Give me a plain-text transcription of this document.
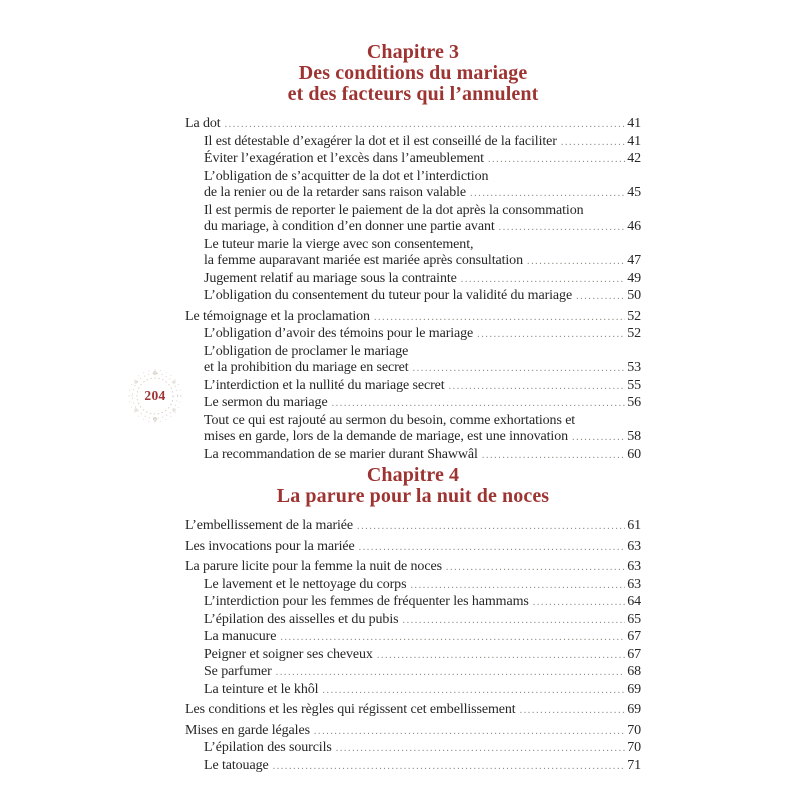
204
Chapitre 3
Des conditions du mariage
et des facteurs qui l’annulent
La dot .....	41
Il est détestable d’exagérer la dot et il est conseillé de la faciliter .....	41
Éviter l’exagération et l’excès dans l’ameublement .....	42
L’obligation de s’acquitter de la dot et l’interdiction
de la renier ou de la retarder sans raison valable .....	45
Il est permis de reporter le paiement de la dot après la consommation
du mariage, à condition d’en donner une partie avant .....	46
Le tuteur marie la vierge avec son consentement,
la femme auparavant mariée est mariée après consultation .....	47
Jugement relatif au mariage sous la contrainte .....	49
L’obligation du consentement du tuteur pour la validité du mariage .....	50
Le témoignage et la proclamation .....	52
L’obligation d’avoir des témoins pour le mariage .....	52
L’obligation de proclamer le mariage
et la prohibition du mariage en secret .....	53
L’interdiction et la nullité du mariage secret .....	55
Le sermon du mariage .....	56
Tout ce qui est rajouté au sermon du besoin, comme exhortations et
mises en garde, lors de la demande de mariage, est une innovation .....	58
La recommandation de se marier durant Shawwâl .....	60
Chapitre 4
La parure pour la nuit de noces
L’embellissement de la mariée .....	61
Les invocations pour la mariée .....	63
La parure licite pour la femme la nuit de noces .....	63
Le lavement et le nettoyage du corps .....	63
L’interdiction pour les femmes de fréquenter les hammams .....	64
L’épilation des aisselles et du pubis .....	65
La manucure .....	67
Peigner et soigner ses cheveux .....	67
Se parfumer .....	68
La teinture et le khôl .....	69
Les conditions et les règles qui régissent cet embellissement .....	69
Mises en garde légales .....	70
L’épilation des sourcils .....	70
Le tatouage .....	71
